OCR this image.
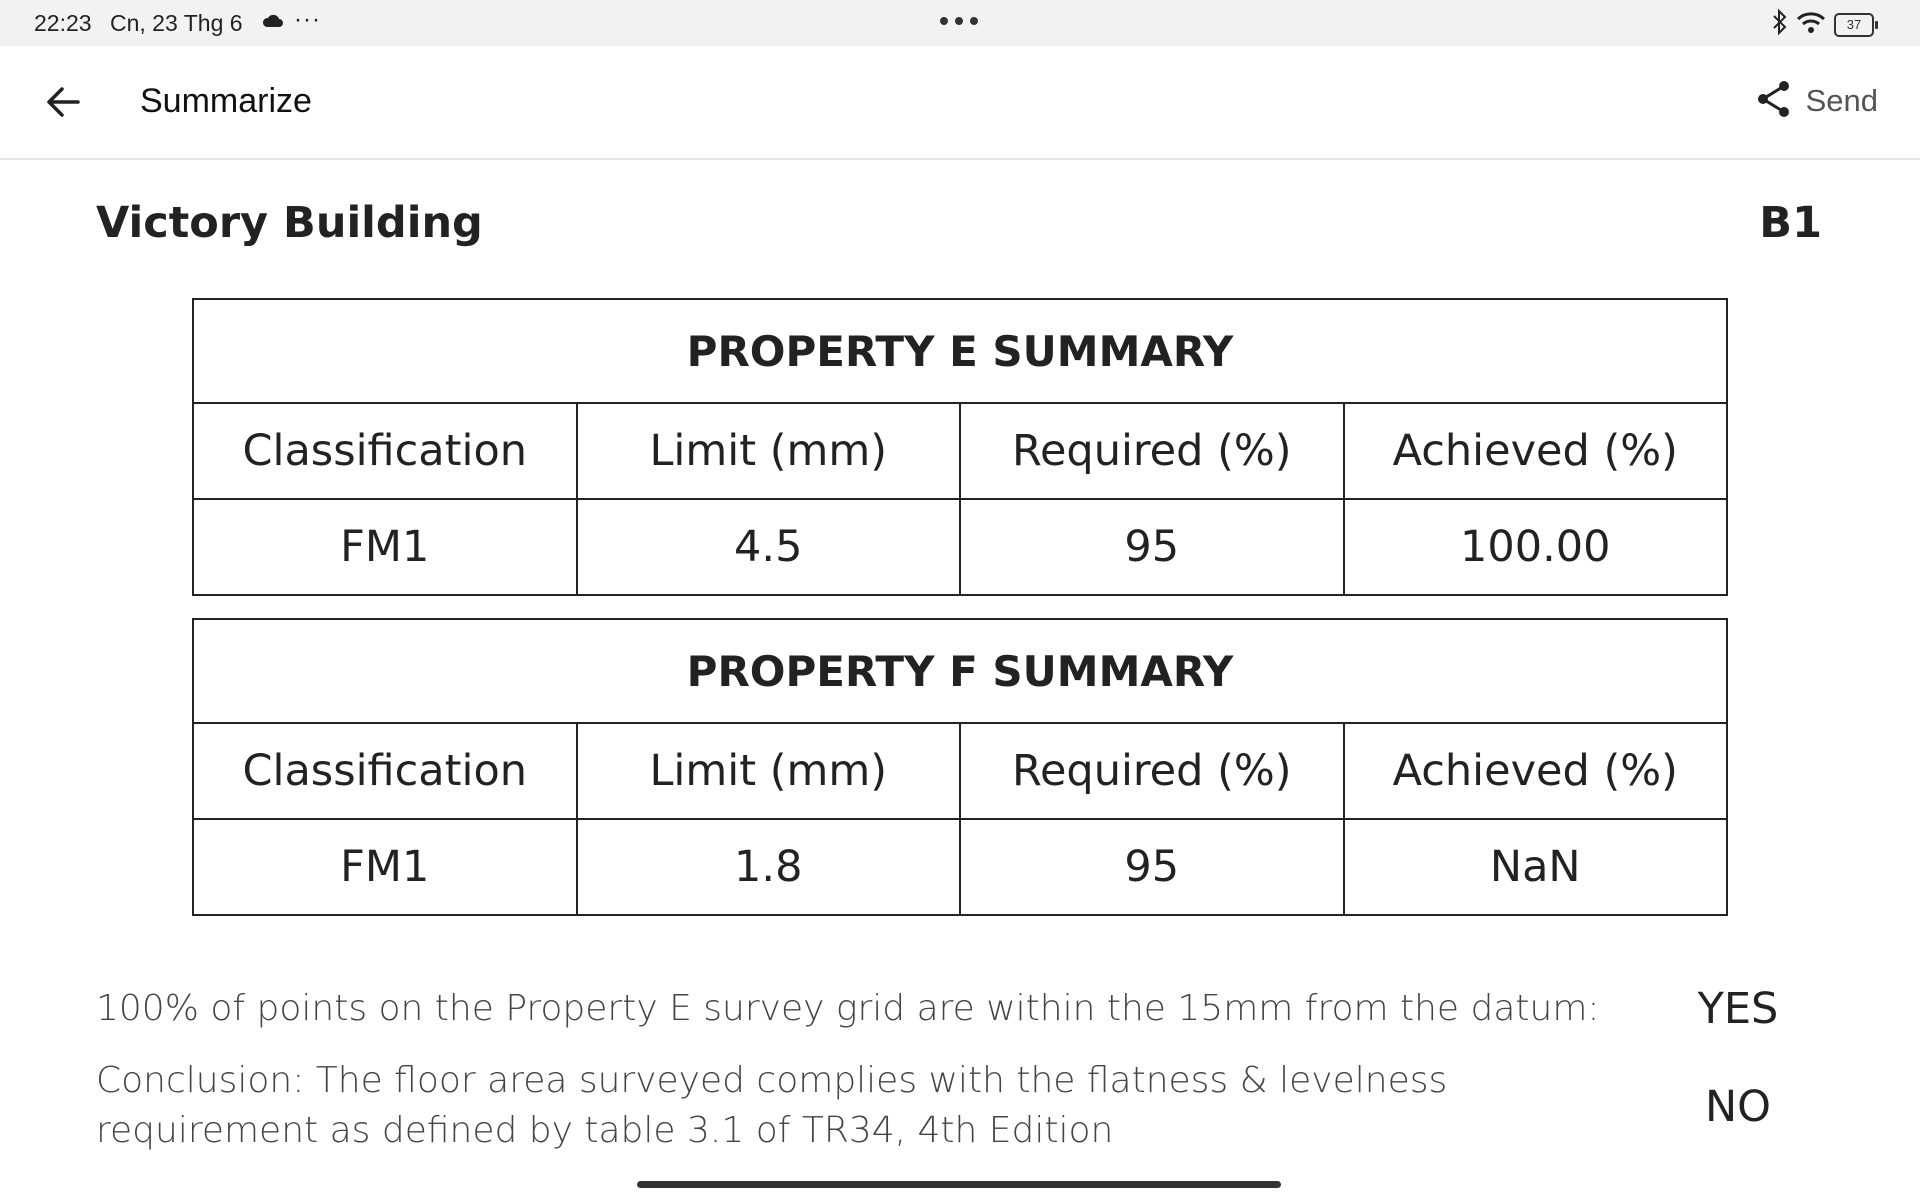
22:23 Cn, 23 Thg 6 ···	37
Summarize	Send
Victory Building	B1
PROPERTY E SUMMARY			
Classification	Limit (mm)	Required (%)	Achieved (%)
FM1	4.5	95	100.00
PROPERTY F SUMMARY			
Classification	Limit (mm)	Required (%)	Achieved (%)
FM1	1.8	95	NaN
100% of points on the Property E survey grid are within the 15mm from the datum:	YES
Conclusion: The floor area surveyed complies with the flatness & levelness requirement as defined by table 3.1 of TR34, 4th Edition	NO
